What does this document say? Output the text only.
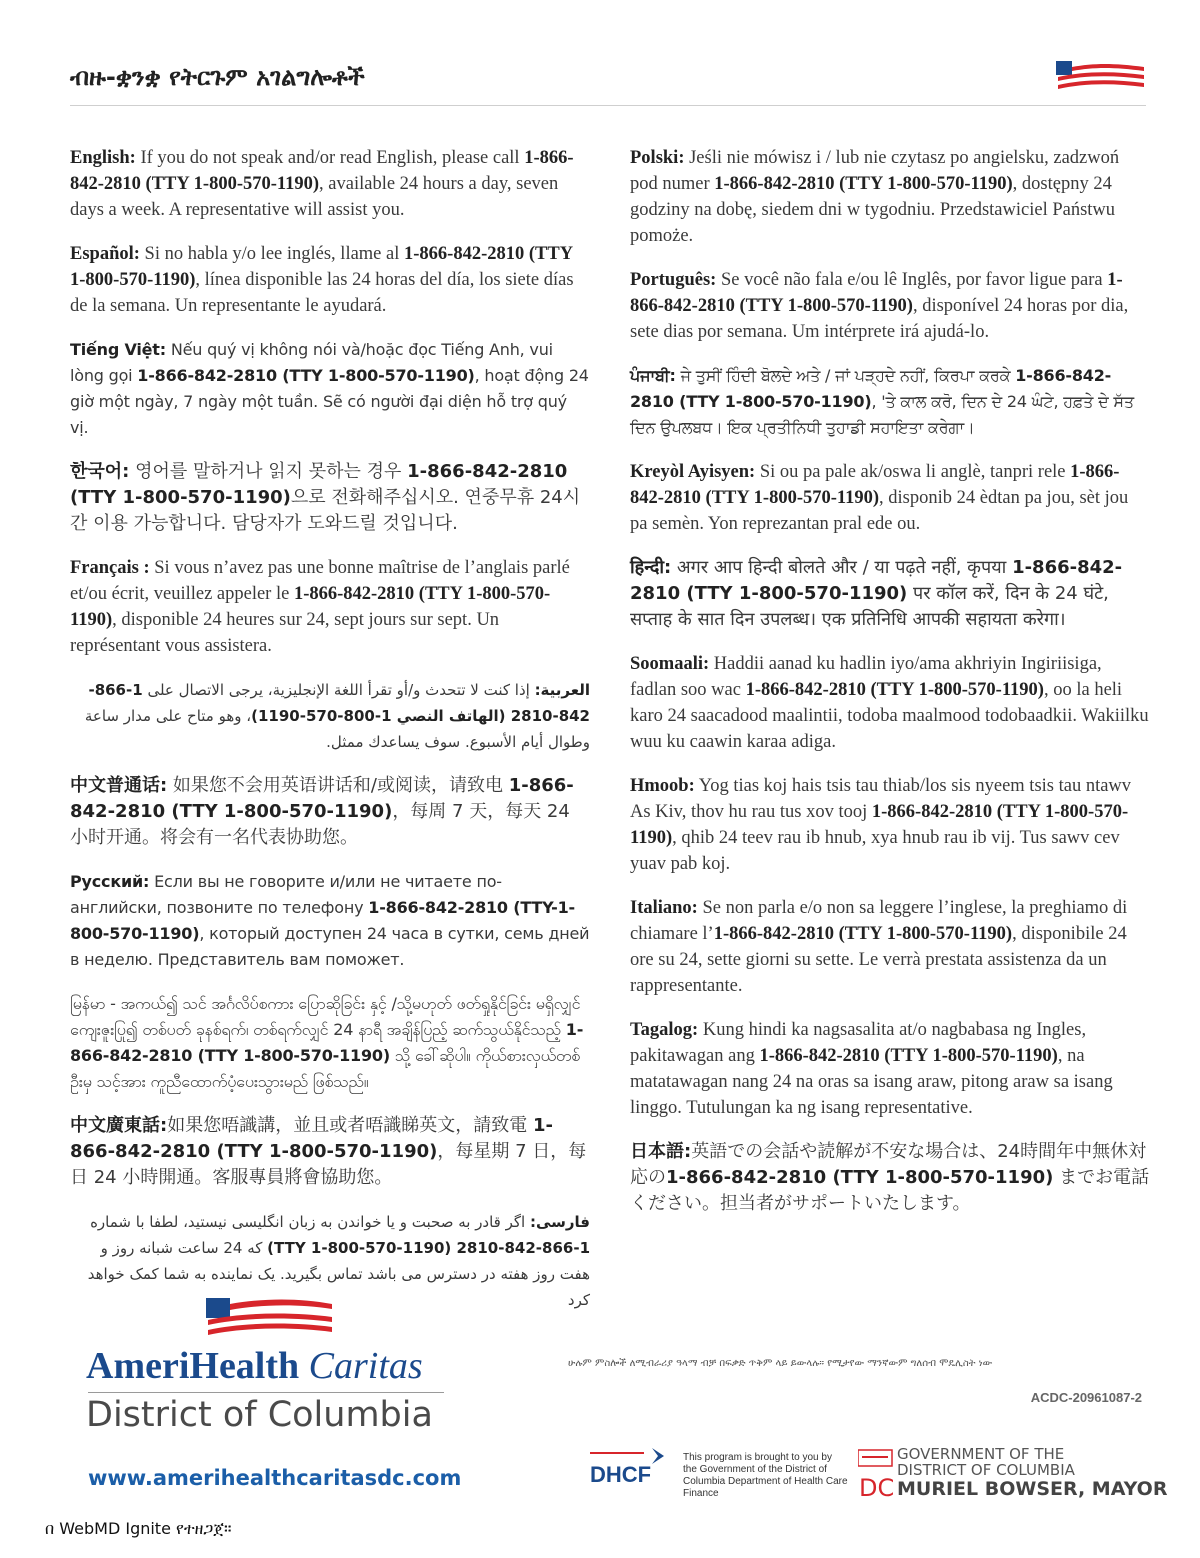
ብዙ-ቋንቋ የትርጉም አገልግሎቶች
English: If you do not speak and/or read English, please call 1-866-842-2810 (TTY 1-800-570-1190), available 24 hours a day, seven days a week. A representative will assist you.
Español: Si no habla y/o lee inglés, llame al 1-866-842-2810 (TTY 1-800-570-1190), línea disponible las 24 horas del día, los siete días de la semana. Un representante le ayudará.
Tiếng Việt: Nếu quý vị không nói và/hoặc đọc Tiếng Anh, vui lòng gọi 1-866-842-2810 (TTY 1-800-570-1190), hoạt động 24 giờ một ngày, 7 ngày một tuần. Sẽ có người đại diện hỗ trợ quý vị.
한국어: 영어를 말하거나 읽지 못하는 경우 1-866-842-2810 (TTY 1-800-570-1190)으로 전화해주십시오. 연중무휴 24시간 이용 가능합니다. 담당자가 도와드릴 것입니다.
Français : Si vous n’avez pas une bonne maîtrise de l’anglais parlé et/ou écrit, veuillez appeler le 1-866-842-2810 (TTY 1-800-570-1190), disponible 24 heures sur 24, sept jours sur sept. Un représentant vous assistera.
العربية: إذا كنت لا تتحدث و/أو تقرأ اللغة الإنجليزية، يرجى الاتصال على 1-866-842-2810 (الهاتف النصي 1-800-570-1190)، وهو متاح على مدار ساعة وطوال أيام الأسبوع. سوف يساعدك ممثل.
中文普通话: 如果您不会用英语讲话和/或阅读，请致电 1-866-842-2810 (TTY 1-800-570-1190)，每周 7 天，每天 24 小时开通。将会有一名代表协助您。
Русский: Если вы не говорите и/или не читаете по-английски, позвоните по телефону 1-866-842-2810 (TTY-1-800-570-1190), который доступен 24 часа в сутки, семь дней в неделю. Представитель вам поможет.
မြန်မာ - အကယ်၍ သင် အင်္ဂလိပ်စကား ပြောဆိုခြင်း နှင့် /သို့မဟုတ် ဖတ်ရှုနိုင်ခြင်း မရှိလျှင် ကျေးဇူးပြု၍ တစ်ပတ် ခုနစ်ရက်၊ တစ်ရက်လျှင် 24 နာရီ အချိန်ပြည့် ဆက်သွယ်နိုင်သည့် 1-866-842-2810 (TTY 1-800-570-1190) သို့ ခေါ်ဆိုပါ။ ကိုယ်စားလှယ်တစ်ဦးမှ သင့်အား ကူညီထောက်ပံ့ပေးသွားမည် ဖြစ်သည်။
中文廣東話:如果您唔識講，並且或者唔識睇英文，請致電 1-866-842-2810 (TTY 1-800-570-1190)，每星期 7 日，每日 24 小時開通。客服專員將會協助您。
فارسی: اگر قادر به صحبت و یا خواندن به زبان انگلیسی نیستید، لطفا با شماره 1-866-842-2810 (TTY 1-800-570-1190) که 24 ساعت شبانه روز و هفت روز هفته در دسترس می باشد تماس بگیرید. یک نماینده به شما کمک خواهد کرد
Polski: Jeśli nie mówisz i / lub nie czytasz po angielsku, zadzwoń pod numer 1-866-842-2810 (TTY 1-800-570-1190), dostępny 24 godziny na dobę, siedem dni w tygodniu. Przedstawiciel Państwu pomoże.
Português: Se você não fala e/ou lê Inglês, por favor ligue para 1-866-842-2810 (TTY 1-800-570-1190), disponível 24 horas por dia, sete dias por semana. Um intérprete irá ajudá-lo.
ਪੰਜਾਬੀ: ਜੇ ਤੁਸੀਂ ਹਿੰਦੀ ਬੋਲਦੇ ਅਤੇ / ਜਾਂ ਪੜ੍ਹਦੇ ਨਹੀਂ, ਕਿਰਪਾ ਕਰਕੇ 1-866-842-2810 (TTY 1-800-570-1190), 'ਤੇ ਕਾਲ ਕਰੋ, ਦਿਨ ਦੇ 24 ਘੰਟੇ, ਹਫ਼ਤੇ ਦੇ ਸੱਤ ਦਿਨ ਉਪਲਬਧ। ਇਕ ਪ੍ਰਤੀਨਿਧੀ ਤੁਹਾਡੀ ਸਹਾਇਤਾ ਕਰੇਗਾ।
Kreyòl Ayisyen: Si ou pa pale ak/oswa li anglè, tanpri rele 1-866-842-2810 (TTY 1-800-570-1190), disponib 24 èdtan pa jou, sèt jou pa semèn. Yon reprezantan pral ede ou.
हिन्दी: अगर आप हिन्दी बोलते और / या पढ़ते नहीं, कृपया 1-866-842-2810 (TTY 1-800-570-1190) पर कॉल करें, दिन के 24 घंटे, सप्ताह के सात दिन उपलब्ध। एक प्रतिनिधि आपकी सहायता करेगा।
Soomaali: Haddii aanad ku hadlin iyo/ama akhriyin Ingiriisiga, fadlan soo wac 1-866-842-2810 (TTY 1-800-570-1190), oo la heli karo 24 saacadood maalintii, todoba maalmood todobaadkii. Wakiilku wuu ku caawin karaa adiga.
Hmoob: Yog tias koj hais tsis tau thiab/los sis nyeem tsis tau ntawv As Kiv, thov hu rau tus xov tooj 1-866-842-2810 (TTY 1-800-570-1190), qhib 24 teev rau ib hnub, xya hnub rau ib vij. Tus sawv cev yuav pab koj.
Italiano: Se non parla e/o non sa leggere l’inglese, la preghiamo di chiamare l’1-866-842-2810 (TTY 1-800-570-1190), disponibile 24 ore su 24, sette giorni su sette. Le verrà prestata assistenza da un rappresentante.
Tagalog: Kung hindi ka nagsasalita at/o nagbabasa ng Ingles, pakitawagan ang 1-866-842-2810 (TTY 1-800-570-1190), na matatawagan nang 24 na oras sa isang araw, pitong araw sa isang linggo. Tutulungan ka ng isang representative.
日本語:英語での会話や読解が不安な場合は、24時間年中無休対応の1-866-842-2810 (TTY 1-800-570-1190) までお電話ください。担当者がサポートいたします。
AmeriHealth Caritas
District of Columbia
www.amerihealthcaritasdc.com
ሁሉም ምስሎች ለሚብራሪያ ዓላማ ብቻ በፍቃድ ጥቅም ላይ ይውላሉ። የሚታየው ማንኛውም ግለሰብ ሞዴሊስት ነው
ACDC-20961087-2
DHCF
This program is brought to you by the Government of the District of Columbia Department of Health Care Finance	DC
GOVERNMENT OF THE
DISTRICT OF COLUMBIA
MURIEL BOWSER, MAYOR
በ WebMD Ignite የተዘጋጀ።
